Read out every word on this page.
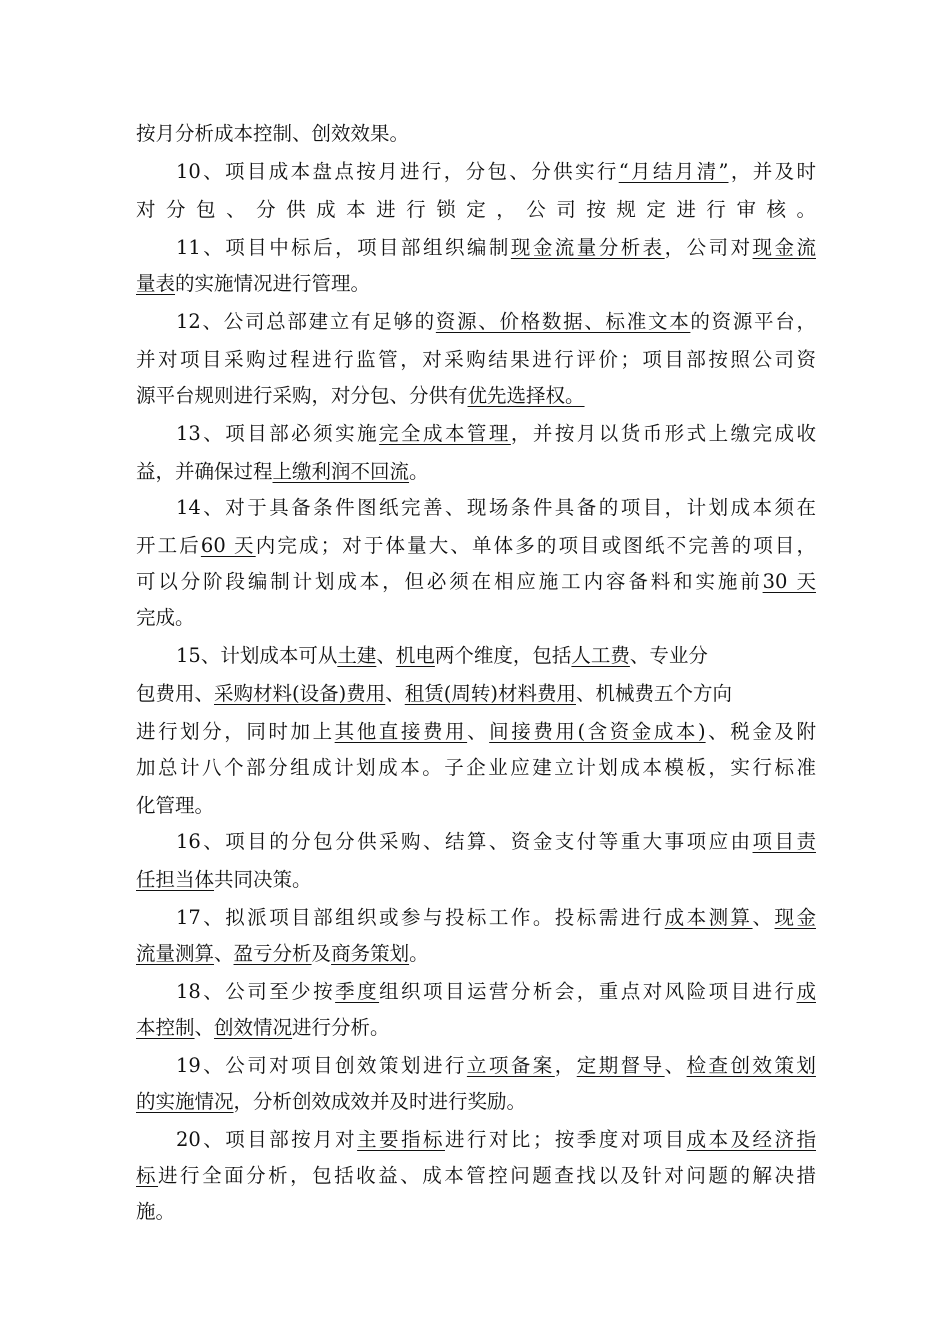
按月分析成本控制、创效效果。
10、项目成本盘点按月进行，分包、分供实行“月结月清”，并及时
对分包、分供成本进行锁定，公司按规定进行审核。
11、项目中标后，项目部组织编制现金流量分析表，公司对现金流
量表的实施情况进行管理。
12、公司总部建立有足够的资源、价格数据、标准文本的资源平台，
并对项目采购过程进行监管，对采购结果进行评价；项目部按照公司资
源平台规则进行采购，对分包、分供有优先选择权。
13、项目部必须实施完全成本管理，并按月以货币形式上缴完成收
益，并确保过程上缴利润不回流。
14、对于具备条件图纸完善、现场条件具备的项目，计划成本须在
开工后60 天内完成；对于体量大、单体多的项目或图纸不完善的项目，
可以分阶段编制计划成本，但必须在相应施工内容备料和实施前30 天
完成。
15、计划成本可从土建、机电两个维度，包括人工费、专业分
包费用、采购材料(设备)费用、租赁(周转)材料费用、机械费五个方向
进行划分，同时加上其他直接费用、间接费用(含资金成本)、税金及附
加总计八个部分组成计划成本。子企业应建立计划成本模板，实行标准
化管理。
16、项目的分包分供采购、结算、资金支付等重大事项应由项目责
任担当体共同决策。
17、拟派项目部组织或参与投标工作。投标需进行成本测算、现金
流量测算、盈亏分析及商务策划。
18、公司至少按季度组织项目运营分析会，重点对风险项目进行成
本控制、创效情况进行分析。
19、公司对项目创效策划进行立项备案，定期督导、检查创效策划
的实施情况，分析创效成效并及时进行奖励。
20、项目部按月对主要指标进行对比；按季度对项目成本及经济指
标进行全面分析，包括收益、成本管控问题查找以及针对问题的解决措
施。
